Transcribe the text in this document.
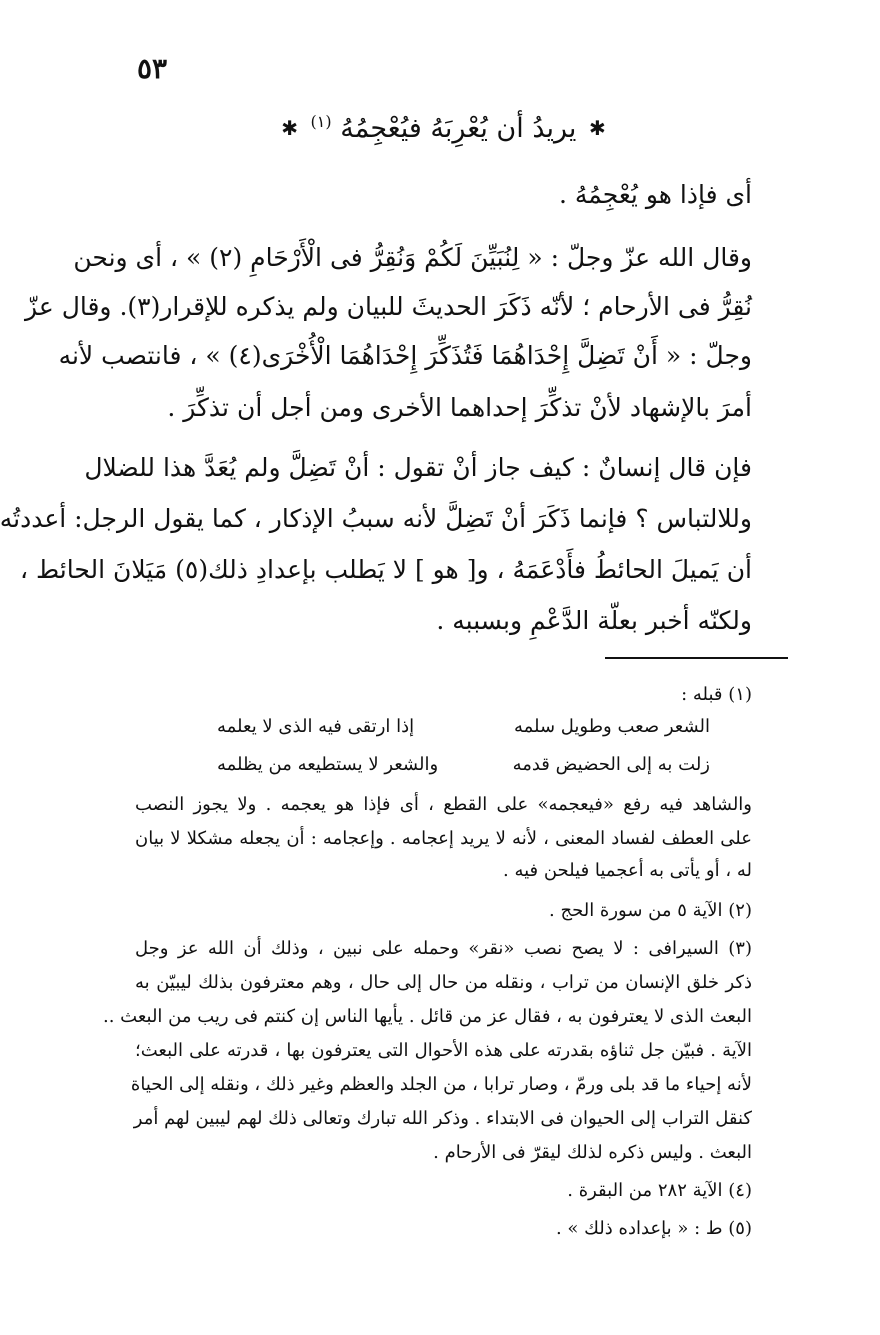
٥٣
✱ يريدُ أن يُعْرِبَهُ فيُعْجِمُهُ $^{(١)}$ ✱
أى فإذا هو يُعْجِمُهُ .
وقال الله عزّ وجلّ : « لِنُبَيِّنَ لَكُمْ وَنُقِرُّ فى الْأَرْحَامِ (٢) » ، أى ونحن
نُقِرُّ فى الأرحام ؛ لأنّه ذَكَرَ الحديثَ للبيان ولم يذكره للإقرار(٣). وقال عزّ
وجلّ : « أَنْ تَضِلَّ إِحْدَاهُمَا فَتُذَكِّرَ إِحْدَاهُمَا الْأُخْرَى(٤) » ، فانتصب لأنه
أمرَ بالإشهاد لأنْ تذكِّرَ إحداهما الأخرى ومن أجل أن تذكِّرَ .
فإن قال إنسانٌ : كيف جاز أنْ تقول : أنْ تَضِلَّ ولم يُعَدَّ هذا للضلال
وللالتباس ؟ فإنما ذَكَرَ أنْ تَضِلَّ لأنه سببُ الإذكار ، كما يقول الرجل: أعددتُه
أن يَميلَ الحائطُ فأَدْعَمَهُ ، و[ هو ] لا يَطلب بإعدادِ ذلك(٥) مَيَلانَ الحائط ،
ولكنّه أخبر بعلّة الدَّعْمِ وبسببه .
(١) قبله :
الشعر صعب وطويل سلمه
إذا ارتقى فيه الذى لا يعلمه
زلت به إلى الحضيض قدمه
والشعر لا يستطيعه من يظلمه
والشاهد فيه رفع «فيعجمه» على القطع ، أى فإذا هو يعجمه . ولا يجوز النصب
على العطف لفساد المعنى ، لأنه لا يريد إعجامه . وإعجامه : أن يجعله مشكلا لا بيان
له ، أو يأتى به أعجميا فيلحن فيه .
(٢) الآية ٥ من سورة الحج .
(٣) السيرافى : لا يصح نصب «نقر» وحمله على نبين ، وذلك أن الله عز وجل
ذكر خلق الإنسان من تراب ، ونقله من حال إلى حال ، وهم معترفون بذلك ليبيّن به
البعث الذى لا يعترفون به ، فقال عز من قائل . يأيها الناس إن كنتم فى ريب من البعث ..
الآية . فبيّن جل ثناؤه بقدرته على هذه الأحوال التى يعترفون بها ، قدرته على البعث؛
لأنه إحياء ما قد بلى ورمّ ، وصار ترابا ، من الجلد والعظم وغير ذلك ، ونقله إلى الحياة
كنقل التراب إلى الحيوان فى الابتداء . وذكر الله تبارك وتعالى ذلك لهم ليبين لهم أمر
البعث . وليس ذكره لذلك ليقرّ فى الأرحام .
(٤) الآية ٢٨٢ من البقرة .
(٥) ط : « بإعداده ذلك » .
